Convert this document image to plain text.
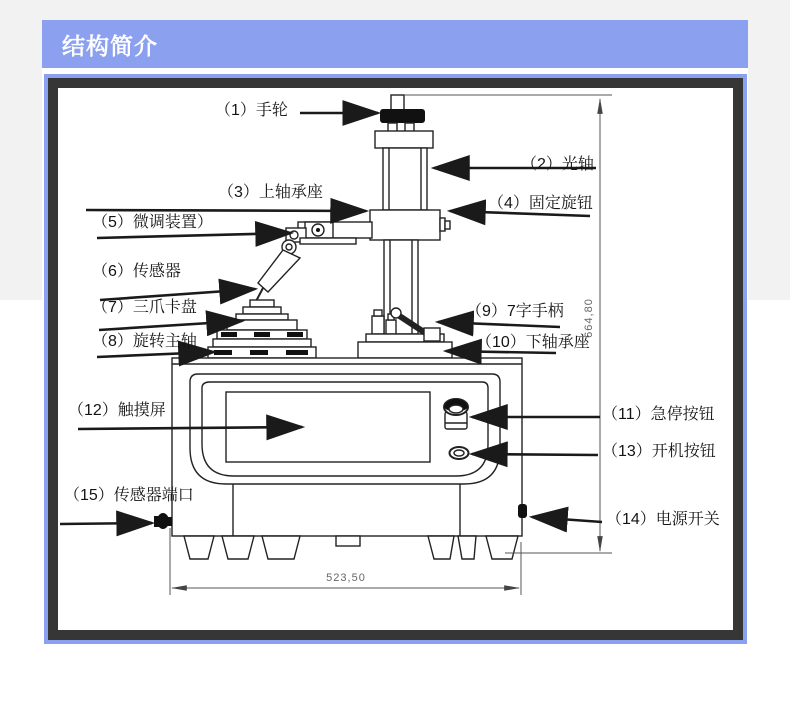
结构简介
（1）手轮
（2）光轴
（3）上轴承座
（4）固定旋钮
（5）微调装置）
（6）传感器
（7）三爪卡盘
（8）旋转主轴
（9）7字手柄
（10）下轴承座
（11）急停按钮
（12）触摸屏
（13）开机按钮
（14）电源开关
（15）传感器端口
664,80
523,50
